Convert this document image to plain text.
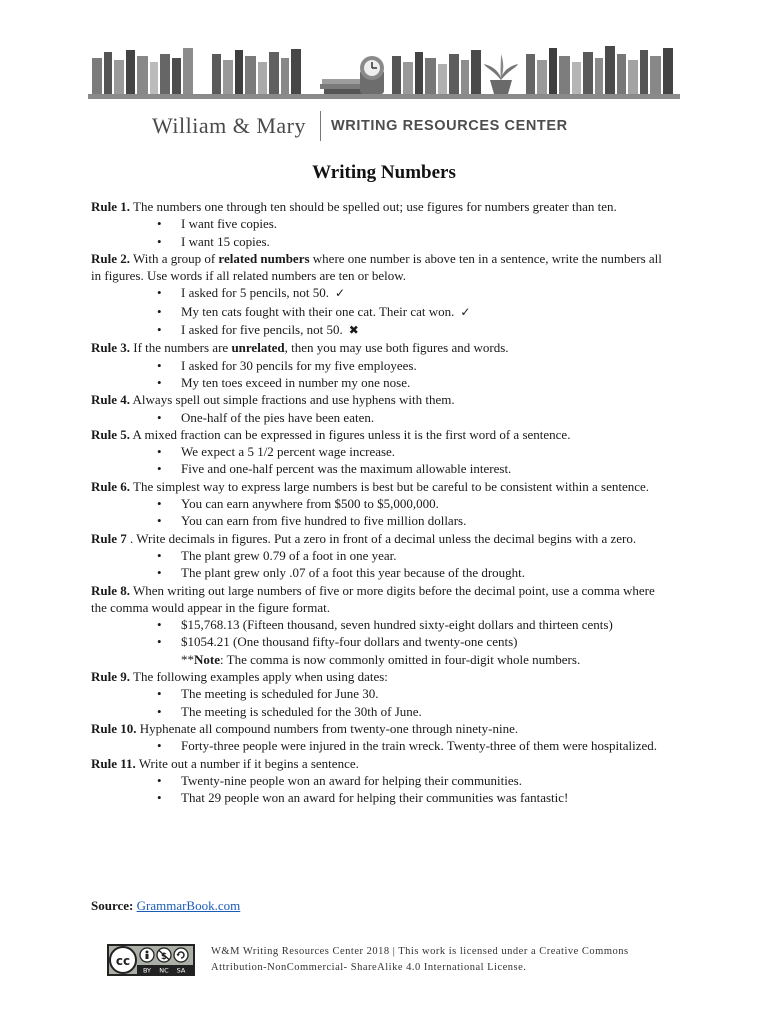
William & Mary WRITING RESOURCES CENTER
Writing Numbers

Rule 1. The numbers one through ten should be spelled out; use figures for numbers greater than ten.

• I want five copies.
• I want 15 copies.

Rule 2. With a group of related numbers where one number is above ten in a sentence, write the numbers all in figures. Use words if all related numbers are ten or below.

• I asked for 5 pencils, not 50. ✓
• My ten cats fought with their one cat. Their cat won. ✓
• I asked for five pencils, not 50. ✖

Rule 3. If the numbers are unrelated, then you may use both figures and words.

• I asked for 30 pencils for my five employees.
• My ten toes exceed in number my one nose.

Rule 4. Always spell out simple fractions and use hyphens with them.

• One-half of the pies have been eaten.

Rule 5. A mixed fraction can be expressed in figures unless it is the first word of a sentence.

• We expect a 5 1/2 percent wage increase.
• Five and one-half percent was the maximum allowable interest.

Rule 6. The simplest way to express large numbers is best but be careful to be consistent within a sentence.

• You can earn anywhere from $500 to $5,000,000.
• You can earn from five hundred to five million dollars.

Rule 7 . Write decimals in figures. Put a zero in front of a decimal unless the decimal begins with a zero.

• The plant grew 0.79 of a foot in one year.
• The plant grew only .07 of a foot this year because of the drought.

Rule 8. When writing out large numbers of five or more digits before the decimal point, use a comma where the comma would appear in the figure format.

• $15,768.13 (Fifteen thousand, seven hundred sixty-eight dollars and thirteen cents)
• $1054.21 (One thousand fifty-four dollars and twenty-one cents)
**Note: The comma is now commonly omitted in four-digit whole numbers.

Rule 9. The following examples apply when using dates:

• The meeting is scheduled for June 30.
• The meeting is scheduled for the 30th of June.

Rule 10. Hyphenate all compound numbers from twenty-one through ninety-nine.

• Forty-three people were injured in the train wreck. Twenty-three of them were hospitalized.

Rule 11. Write out a number if it begins a sentence.

• Twenty-nine people won an award for helping their communities.
• That 29 people won an award for helping their communities was fantastic!
Source: GrammarBook.com
cc	$
BY NC SA
W&M Writing Resources Center 2018 | This work is licensed under a Creative Commons Attribution-NonCommercial- ShareAlike 4.0 International License.
